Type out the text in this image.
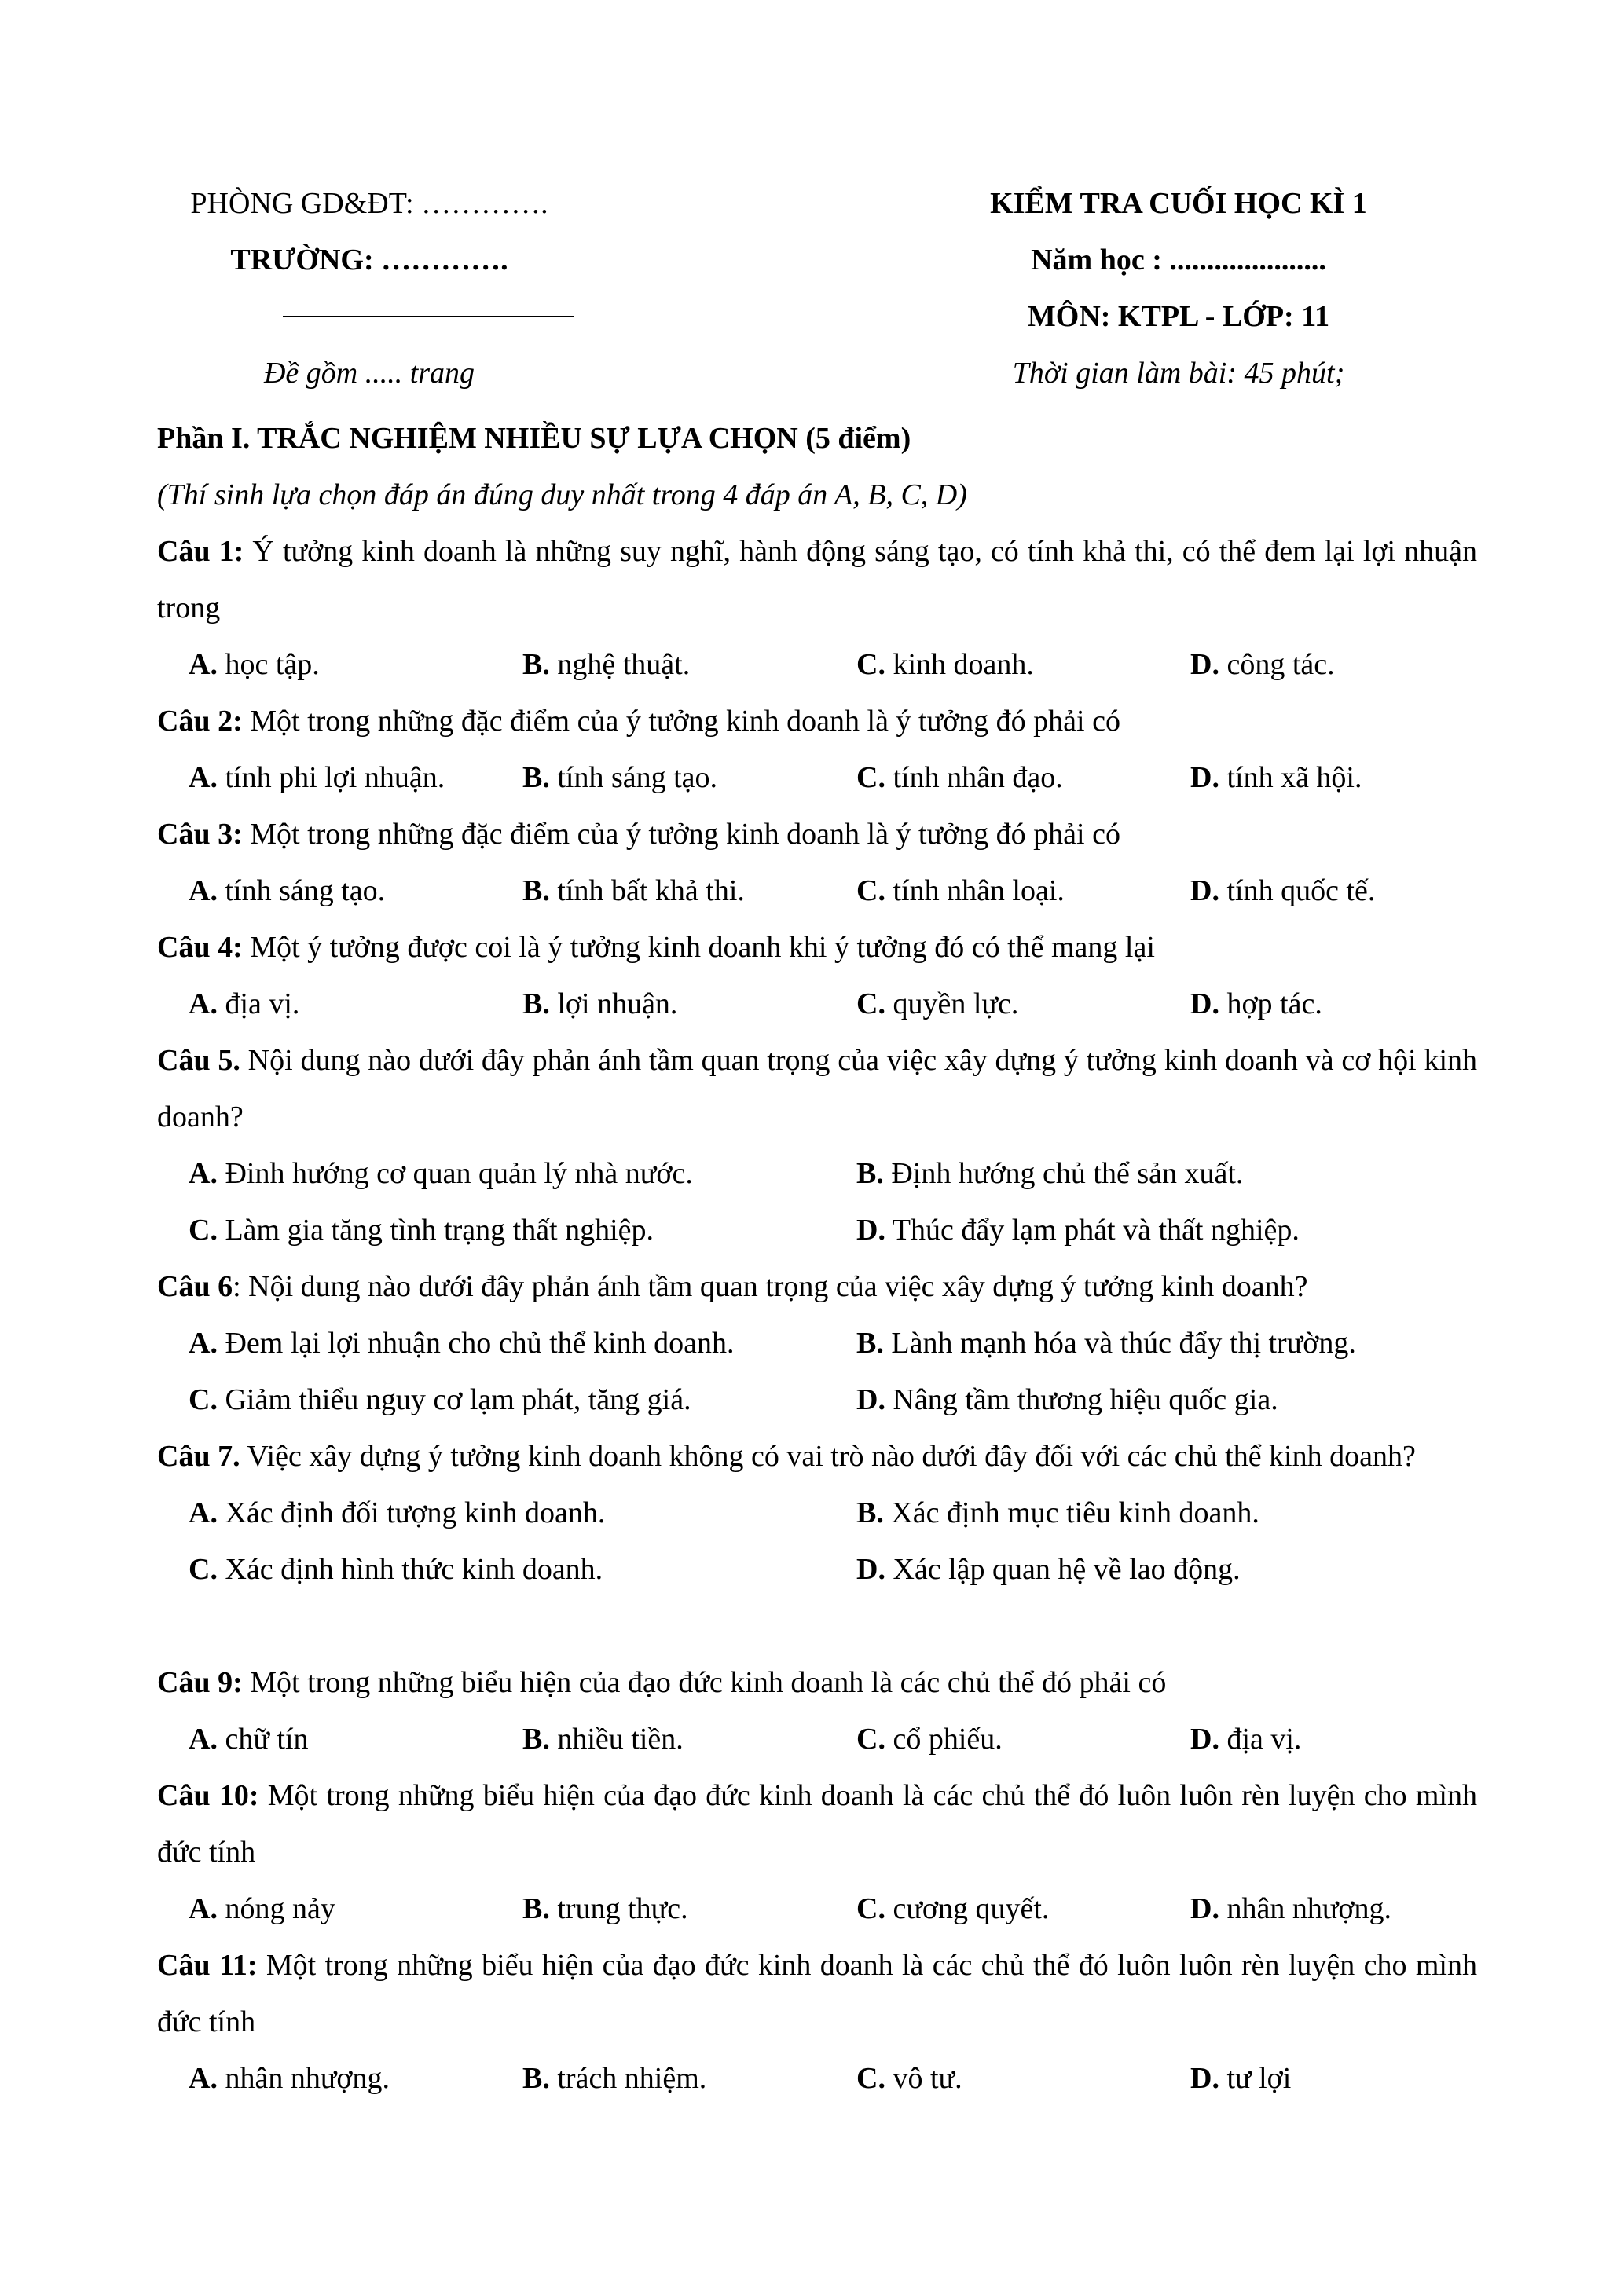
PHÒNG GD&ĐT: ………….
TRƯỜNG: ………….
Đề gồm ..... trang
KIỂM TRA CUỐI HỌC KÌ 1
Năm học : .....................
MÔN: KTPL - LỚP: 11
Thời gian làm bài: 45 phút;
Phần I. TRẮC NGHIỆM NHIỀU SỰ LỰA CHỌN (5 điểm)
(Thí sinh lựa chọn đáp án đúng duy nhất trong 4 đáp án A, B, C, D)
Câu 1: Ý tưởng kinh doanh là những suy nghĩ, hành động sáng tạo, có tính khả thi, có thể đem lại lợi nhuận trong
A. học tập.	B. nghệ thuật.	C. kinh doanh.	D. công tác.
Câu 2: Một trong những đặc điểm của ý tưởng kinh doanh là ý tưởng đó phải có
A. tính phi lợi nhuận.	B. tính sáng tạo.	C. tính nhân đạo.	D. tính xã hội.
Câu 3: Một trong những đặc điểm của ý tưởng kinh doanh là ý tưởng đó phải có
A. tính sáng tạo.	B. tính bất khả thi.	C. tính nhân loại.	D. tính quốc tế.
Câu 4: Một ý tưởng được coi là ý tưởng kinh doanh khi ý tưởng đó có thể mang lại
A. địa vị.	B. lợi nhuận.	C. quyền lực.	D. hợp tác.
Câu 5. Nội dung nào dưới đây phản ánh tầm quan trọng của việc xây dựng ý tưởng kinh doanh và cơ hội kinh doanh?
A. Đinh hướng cơ quan quản lý nhà nước.	B. Định hướng chủ thể sản xuất.
C. Làm gia tăng tình trạng thất nghiệp.	D. Thúc đẩy lạm phát và thất nghiệp.
Câu 6: Nội dung nào dưới đây phản ánh tầm quan trọng của việc xây dựng ý tưởng kinh doanh?
A. Đem lại lợi nhuận cho chủ thể kinh doanh.	B. Lành mạnh hóa và thúc đẩy thị trường.
C. Giảm thiểu nguy cơ lạm phát, tăng giá.	D. Nâng tầm thương hiệu quốc gia.
Câu 7. Việc xây dựng ý tưởng kinh doanh không có vai trò nào dưới đây đối với các chủ thể kinh doanh?
A. Xác định đối tượng kinh doanh.	B. Xác định mục tiêu kinh doanh.
C. Xác định hình thức kinh doanh.	D. Xác lập quan hệ về lao động.
Câu 9: Một trong những biểu hiện của đạo đức kinh doanh là các chủ thể đó phải có
A. chữ tín	B. nhiều tiền.	C. cổ phiếu.	D. địa vị.
Câu 10: Một trong những biểu hiện của đạo đức kinh doanh là các chủ thể đó luôn luôn rèn luyện cho mình đức tính
A. nóng nảy	B. trung thực.	C. cương quyết.	D. nhân nhượng.
Câu 11: Một trong những biểu hiện của đạo đức kinh doanh là các chủ thể đó luôn luôn rèn luyện cho mình đức tính
A. nhân nhượng.	B. trách nhiệm.	C. vô tư.	D. tư lợi
